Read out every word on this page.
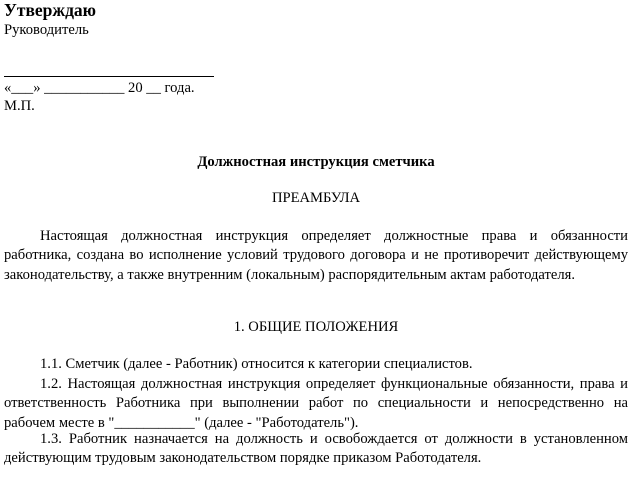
Утверждаю
Руководитель
«___» ___________ 20 __ года.
М.П.
Должностная инструкция сметчика
ПРЕАМБУЛА

Настоящая должностная инструкция определяет должностные права и обязанности работника, создана во исполнение условий трудового договора и не противоречит действующему законодательству, а также внутренним (локальным) распорядительным актам работодателя.

1. ОБЩИЕ ПОЛОЖЕНИЯ

1.1. Сметчик (далее - Работник) относится к категории специалистов.

1.2. Настоящая должностная инструкция определяет функциональные обязанности, права и ответственность Работника при выполнении работ по специальности и непосредственно на рабочем месте в "___________" (далее - "Работодатель").

1.3. Работник назначается на должность и освобождается от должности в установленном действующим трудовым законодательством порядке приказом Работодателя.
